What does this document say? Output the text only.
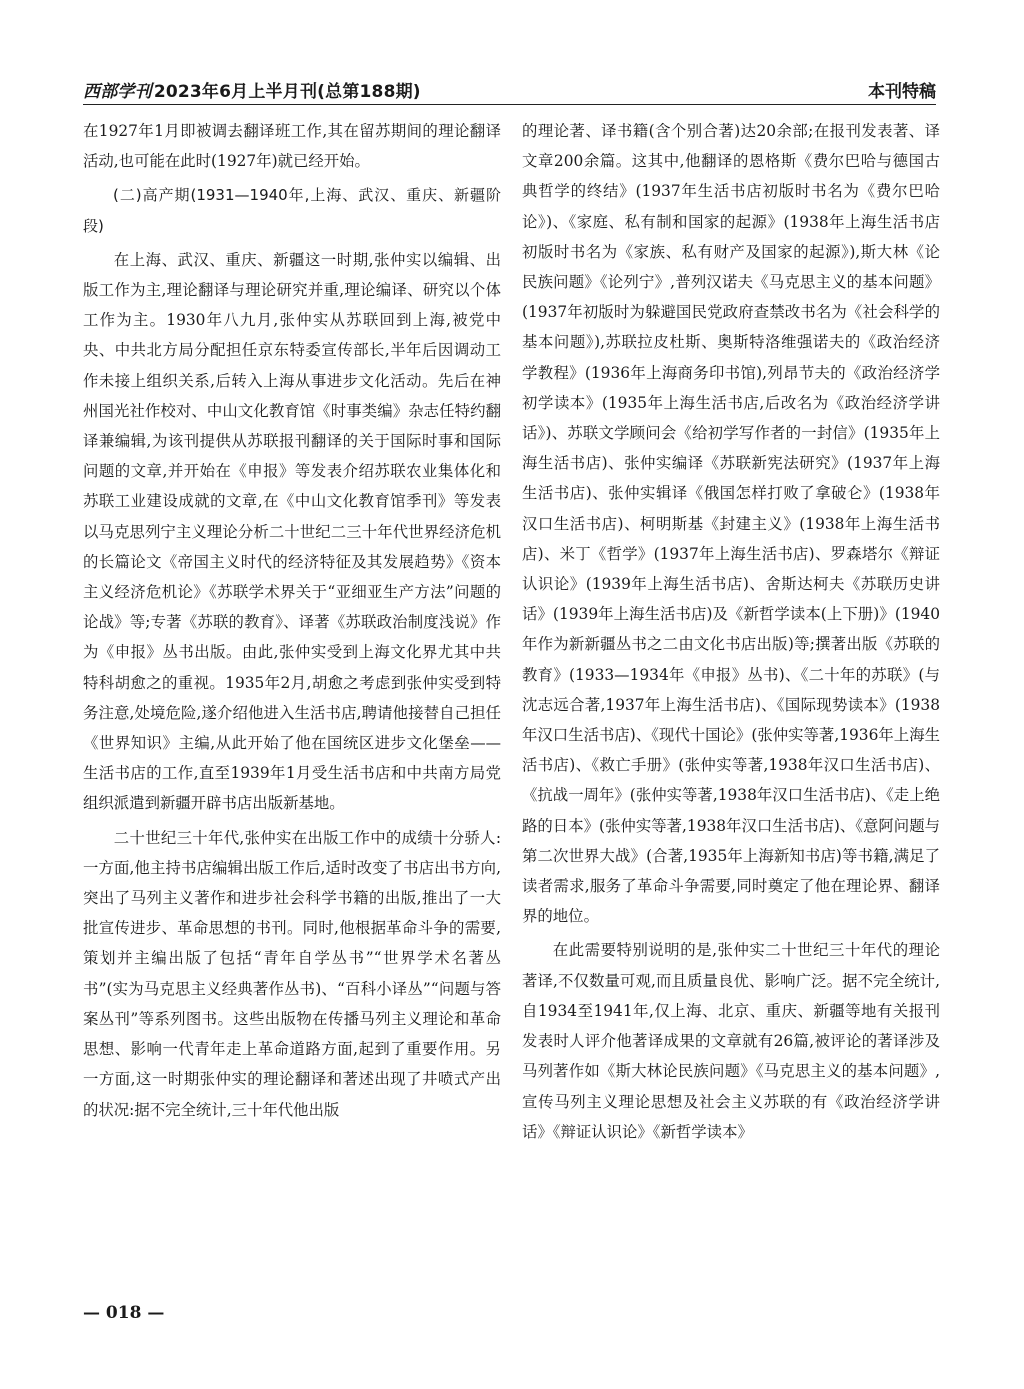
西部学刊 2023年6月上半月刊(总第188期)	本刊特稿

在1927年1月即被调去翻译班工作,其在留苏期间的理论翻译活动,也可能在此时(1927年)就已经开始。

(二)高产期(1931—1940年,上海、武汉、重庆、新疆阶段)

在上海、武汉、重庆、新疆这一时期,张仲实以编辑、出版工作为主,理论翻译与理论研究并重,理论编译、研究以个体工作为主。1930年八九月,张仲实从苏联回到上海,被党中央、中共北方局分配担任京东特委宣传部长,半年后因调动工作未接上组织关系,后转入上海从事进步文化活动。先后在神州国光社作校对、中山文化教育馆《时事类编》杂志任特约翻译兼编辑,为该刊提供从苏联报刊翻译的关于国际时事和国际问题的文章,并开始在《申报》等发表介绍苏联农业集体化和苏联工业建设成就的文章,在《中山文化教育馆季刊》等发表以马克思列宁主义理论分析二十世纪二三十年代世界经济危机的长篇论文《帝国主义时代的经济特征及其发展趋势》《资本主义经济危机论》《苏联学术界关于“亚细亚生产方法”问题的论战》等;专著《苏联的教育》、译著《苏联政治制度浅说》作为《申报》丛书出版。由此,张仲实受到上海文化界尤其中共特科胡愈之的重视。1935年2月,胡愈之考虑到张仲实受到特务注意,处境危险,遂介绍他进入生活书店,聘请他接替自己担任《世界知识》主编,从此开始了他在国统区进步文化堡垒——生活书店的工作,直至1939年1月受生活书店和中共南方局党组织派遣到新疆开辟书店出版新基地。

二十世纪三十年代,张仲实在出版工作中的成绩十分骄人:一方面,他主持书店编辑出版工作后,适时改变了书店出书方向,突出了马列主义著作和进步社会科学书籍的出版,推出了一大批宣传进步、革命思想的书刊。同时,他根据革命斗争的需要,策划并主编出版了包括“青年自学丛书”“世界学术名著丛书”(实为马克思主义经典著作丛书)、“百科小译丛”“问题与答案丛刊”等系列图书。这些出版物在传播马列主义理论和革命思想、影响一代青年走上革命道路方面,起到了重要作用。另一方面,这一时期张仲实的理论翻译和著述出现了井喷式产出的状况:据不完全统计,三十年代他出版

的理论著、译书籍(含个别合著)达20余部;在报刊发表著、译文章200余篇。这其中,他翻译的恩格斯《费尔巴哈与德国古典哲学的终结》(1937年生活书店初版时书名为《费尔巴哈论》)、《家庭、私有制和国家的起源》(1938年上海生活书店初版时书名为《家族、私有财产及国家的起源》),斯大林《论民族问题》《论列宁》,普列汉诺夫《马克思主义的基本问题》(1937年初版时为躲避国民党政府查禁改书名为《社会科学的基本问题》),苏联拉皮杜斯、奥斯特洛维强诺夫的《政治经济学教程》(1936年上海商务印书馆),列昂节夫的《政治经济学初学读本》(1935年上海生活书店,后改名为《政治经济学讲话》)、苏联文学顾问会《给初学写作者的一封信》(1935年上海生活书店)、张仲实编译《苏联新宪法研究》(1937年上海生活书店)、张仲实辑译《俄国怎样打败了拿破仑》(1938年汉口生活书店)、柯明斯基《封建主义》(1938年上海生活书店)、米丁《哲学》(1937年上海生活书店)、罗森塔尔《辩证认识论》(1939年上海生活书店)、舍斯达柯夫《苏联历史讲话》(1939年上海生活书店)及《新哲学读本(上下册)》(1940年作为新新疆丛书之二由文化书店出版)等;撰著出版《苏联的教育》(1933—1934年《申报》丛书)、《二十年的苏联》(与沈志远合著,1937年上海生活书店)、《国际现势读本》(1938年汉口生活书店)、《现代十国论》(张仲实等著,1936年上海生活书店)、《救亡手册》(张仲实等著,1938年汉口生活书店)、《抗战一周年》(张仲实等著,1938年汉口生活书店)、《走上绝路的日本》(张仲实等著,1938年汉口生活书店)、《意阿问题与第二次世界大战》(合著,1935年上海新知书店)等书籍,满足了读者需求,服务了革命斗争需要,同时奠定了他在理论界、翻译界的地位。

在此需要特别说明的是,张仲实二十世纪三十年代的理论著译,不仅数量可观,而且质量良优、影响广泛。据不完全统计,自1934至1941年,仅上海、北京、重庆、新疆等地有关报刊发表时人评介他著译成果的文章就有26篇,被评论的著译涉及马列著作如《斯大林论民族问题》《马克思主义的基本问题》,宣传马列主义理论思想及社会主义苏联的有《政治经济学讲话》《辩证认识论》《新哲学读本》

— 018 —
